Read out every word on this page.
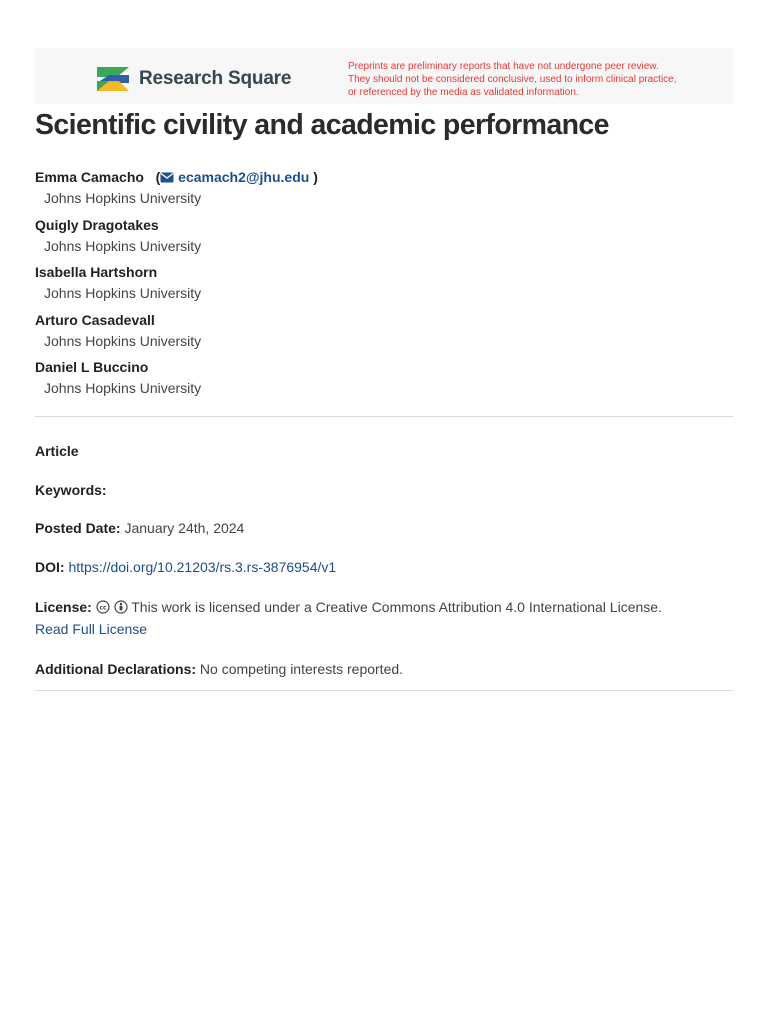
Research Square
Preprints are preliminary reports that have not undergone peer review.
They should not be considered conclusive, used to inform clinical practice,
or referenced by the media as validated information.
Scientific civility and academic performance
Emma Camacho   ( ecamach2@jhu.edu )
Johns Hopkins University
Quigly Dragotakes
Johns Hopkins University
Isabella Hartshorn
Johns Hopkins University
Arturo Casadevall
Johns Hopkins University
Daniel L Buccino
Johns Hopkins University
Article
Keywords:
Posted Date: January 24th, 2024
DOI: https://doi.org/10.21203/rs.3.rs-3876954/v1
License: cc This work is licensed under a Creative Commons Attribution 4.0 International License.
Read Full License
Additional Declarations: No competing interests reported.
